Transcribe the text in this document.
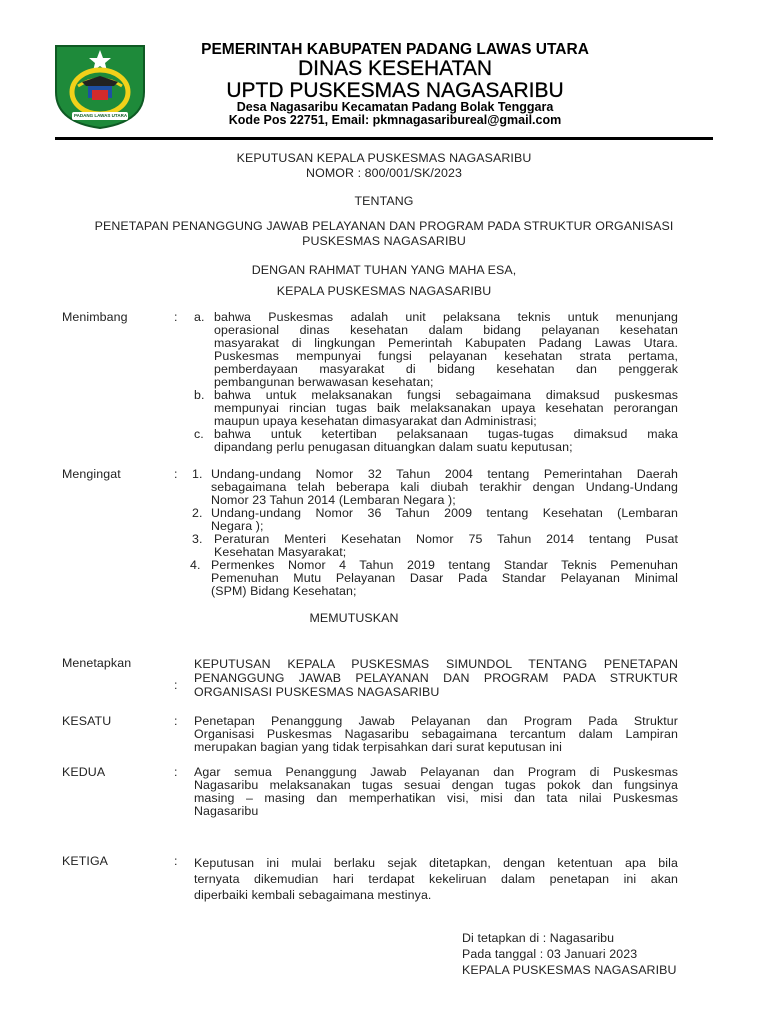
PADANG LAWAS UTARA
PEMERINTAH KABUPATEN PADANG LAWAS UTARA
DINAS KESEHATAN
UPTD PUSKESMAS NAGASARIBU
Desa Nagasaribu Kecamatan Padang Bolak Tenggara
Kode Pos 22751, Email: pkmnagasaribureal@gmail.com
KEPUTUSAN KEPALA PUSKESMAS NAGASARIBU
NOMOR : 800/001/SK/2023
TENTANG
PENETAPAN PENANGGUNG JAWAB PELAYANAN DAN PROGRAM PADA STRUKTUR ORGANISASI
PUSKESMAS NAGASARIBU
DENGAN RAHMAT TUHAN YANG MAHA ESA,
KEPALA PUSKESMAS NAGASARIBU
Menimbang	: a. bahwa Puskesmas adalah unit pelaksana teknis untuk menunjang
operasional dinas kesehatan dalam bidang pelayanan kesehatan
masyarakat di lingkungan Pemerintah Kabupaten Padang Lawas Utara.
Puskesmas mempunyai fungsi pelayanan kesehatan strata pertama,
pemberdayaan masyarakat di bidang kesehatan dan penggerak
pembangunan berwawasan kesehatan;
b. bahwa untuk melaksanakan fungsi sebagaimana dimaksud puskesmas
mempunyai rincian tugas baik melaksanakan upaya kesehatan perorangan
maupun upaya kesehatan dimasyarakat dan Administrasi;
c. bahwa untuk ketertiban pelaksanaan tugas-tugas dimaksud maka
dipandang perlu penugasan dituangkan dalam suatu keputusan;
Mengingat	: 1. Undang-undang Nomor 32 Tahun 2004 tentang Pemerintahan Daerah
sebagaimana telah beberapa kali diubah terakhir dengan Undang-Undang
Nomor 23 Tahun 2014 (Lembaran Negara );
2. Undang-undang Nomor 36 Tahun 2009 tentang Kesehatan (Lembaran
Negara );
3. Peraturan Menteri Kesehatan Nomor 75 Tahun 2014 tentang Pusat
Kesehatan Masyarakat;
4. Permenkes Nomor 4 Tahun 2019 tentang Standar Teknis Pemenuhan
Pemenuhan Mutu Pelayanan Dasar Pada Standar Pelayanan Minimal
(SPM) Bidang Kesehatan;
MEMUTUSKAN
Menetapkan
:
KEPUTUSAN KEPALA PUSKESMAS SIMUNDOL TENTANG PENETAPAN
PENANGGUNG JAWAB PELAYANAN DAN PROGRAM PADA STRUKTUR
ORGANISASI PUSKESMAS NAGASARIBU
KESATU	: Penetapan Penanggung Jawab Pelayanan dan Program Pada Struktur
Organisasi Puskesmas Nagasaribu sebagaimana tercantum dalam Lampiran
merupakan bagian yang tidak terpisahkan dari surat keputusan ini
KEDUA	: Agar semua Penanggung Jawab Pelayanan dan Program di Puskesmas
Nagasaribu melaksanakan tugas sesuai dengan tugas pokok dan fungsinya
masing – masing dan memperhatikan visi, misi dan tata nilai Puskesmas
Nagasaribu
KETIGA	: Keputusan ini mulai berlaku sejak ditetapkan, dengan ketentuan apa bila
ternyata dikemudian hari terdapat kekeliruan dalam penetapan ini akan
diperbaiki kembali sebagaimana mestinya.
Di tetapkan di : Nagasaribu
Pada tanggal : 03 Januari 2023
KEPALA PUSKESMAS NAGASARIBU
